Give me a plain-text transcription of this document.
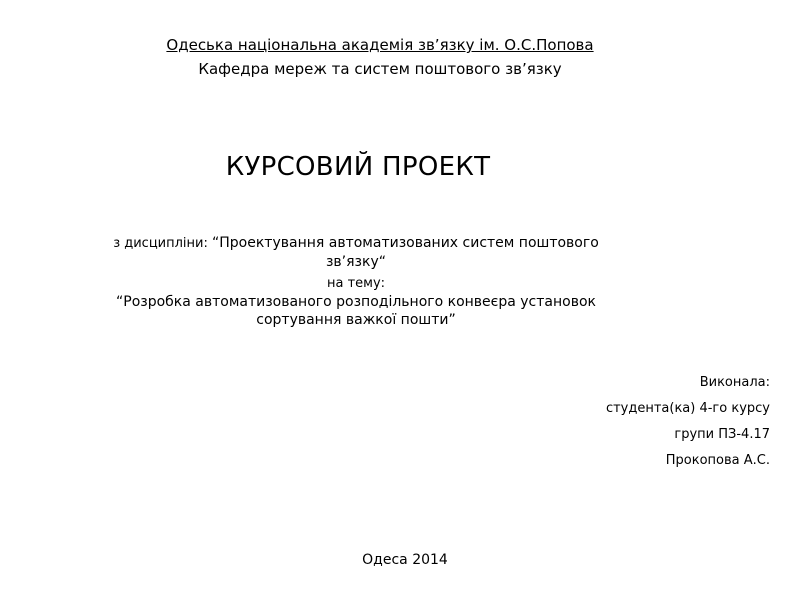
Одеська національна академія зв’язку ім. О.С.Попова
Кафедра мереж та систем поштового зв’язку
КУРСОВИЙ ПРОЕКТ
з дисципліни: “Проектування автоматизованих систем поштового
зв’язку“
на тему:
“Розробка автоматизованого розподільного конвеєра установок
сортування важкої пошти”
Виконала:
студента(ка) 4-го курсу
групи ПЗ-4.17
Прокопова А.С.
Одеса 2014
